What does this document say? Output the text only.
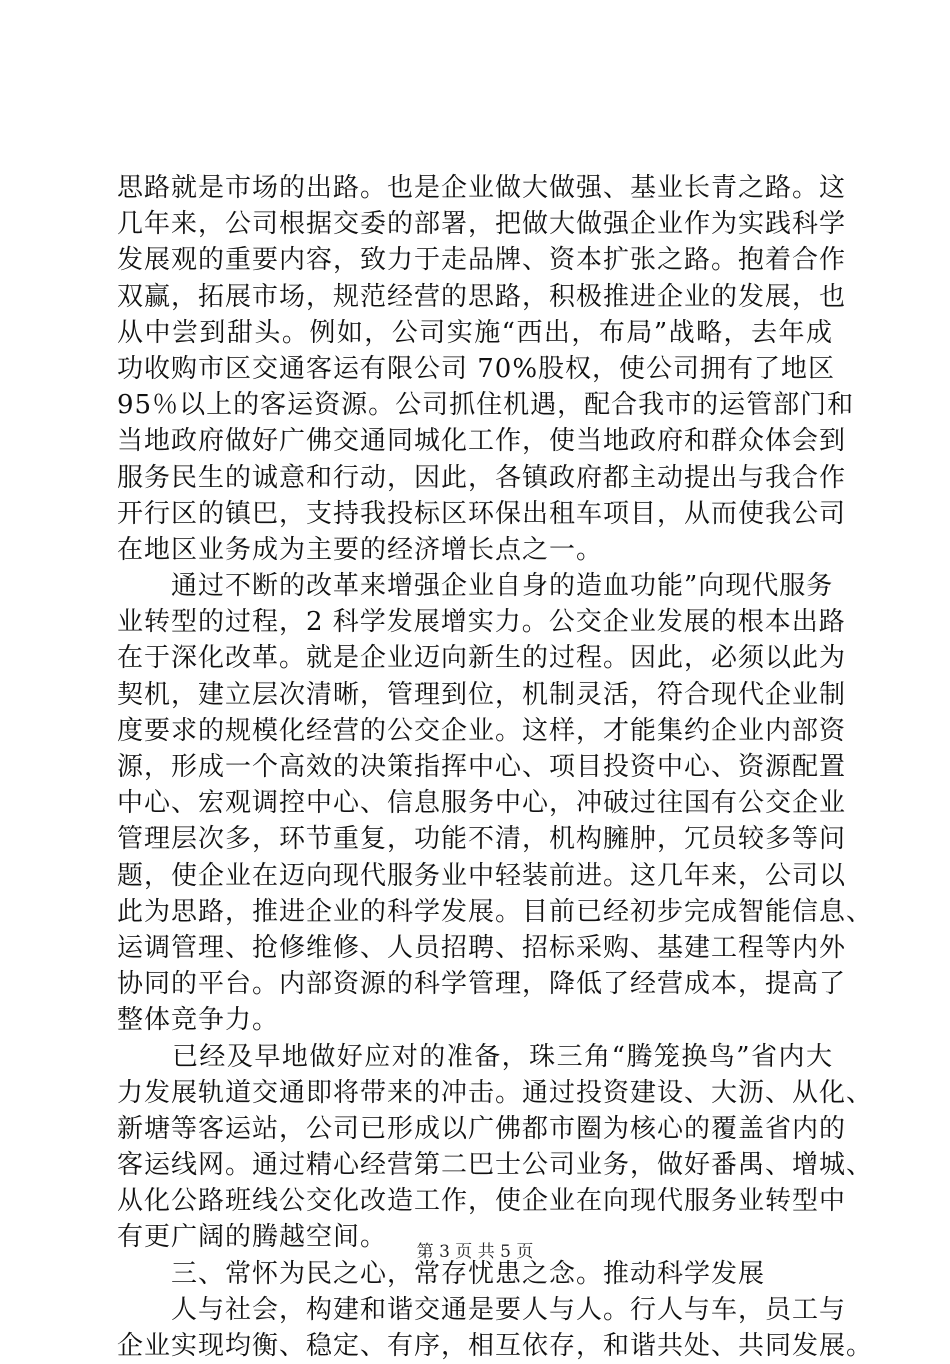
思路就是市场的出路。也是企业做大做强、基业长青之路。这
几年来，公司根据交委的部署，把做大做强企业作为实践科学
发展观的重要内容，致力于走品牌、资本扩张之路。抱着合作
双赢，拓展市场，规范经营的思路，积极推进企业的发展，也
从中尝到甜头。例如，公司实施“西出，布局”战略，去年成
功收购市区交通客运有限公司 70%股权，使公司拥有了地区
95％以上的客运资源。公司抓住机遇，配合我市的运管部门和
当地政府做好广佛交通同城化工作，使当地政府和群众体会到
服务民生的诚意和行动，因此，各镇政府都主动提出与我合作
开行区的镇巴，支持我投标区环保出租车项目，从而使我公司
在地区业务成为主要的经济增长点之一。
　　通过不断的改革来增强企业自身的造血功能”向现代服务
业转型的过程，2 科学发展增实力。公交企业发展的根本出路
在于深化改革。就是企业迈向新生的过程。因此，必须以此为
契机，建立层次清晰，管理到位，机制灵活，符合现代企业制
度要求的规模化经营的公交企业。这样，才能集约企业内部资
源，形成一个高效的决策指挥中心、项目投资中心、资源配置
中心、宏观调控中心、信息服务中心，冲破过往国有公交企业
管理层次多，环节重复，功能不清，机构臃肿，冗员较多等问
题，使企业在迈向现代服务业中轻装前进。这几年来，公司以
此为思路，推进企业的科学发展。目前已经初步完成智能信息、
运调管理、抢修维修、人员招聘、招标采购、基建工程等内外
协同的平台。内部资源的科学管理，降低了经营成本，提高了
整体竞争力。
　　已经及早地做好应对的准备，珠三角“腾笼换鸟”省内大
力发展轨道交通即将带来的冲击。通过投资建设、大沥、从化、
新塘等客运站，公司已形成以广佛都市圈为核心的覆盖省内的
客运线网。通过精心经营第二巴士公司业务，做好番禺、增城、
从化公路班线公交化改造工作，使企业在向现代服务业转型中
有更广阔的腾越空间。
　　三、常怀为民之心，常存忧患之念。推动科学发展
　　人与社会，构建和谐交通是要人与人。行人与车，员工与
企业实现均衡、稳定、有序，相互依存，和谐共处、共同发展。
第 3 页 共 5 页
